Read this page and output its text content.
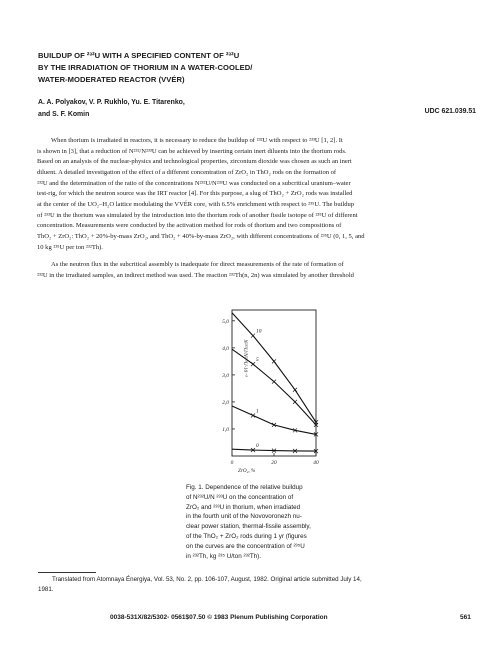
BUILDUP OF ²³²U WITH A SPECIFIED CONTENT OF ²³²U
BY THE IRRADIATION OF THORIUM IN A WATER-COOLED/
WATER-MODERATED REACTOR (VVÉR)
A. A. Polyakov, V. P. Rukhlo, Yu. E. Titarenko,
and S. F. Komin	UDC 621.039.51
When thorium is irradiated in reactors, it is necessary to reduce the buildup of ²³²U with respect to ²³³U [1, 2]. It
is shown in [3], that a reduction of N²³²/N²³³U can be achieved by inserting certain inert diluents into the thorium rods.
Based on an analysis of the nuclear-physics and technological properties, zirconium dioxide was chosen as such an inert
diluent. A detailed investigation of the effect of a different concentration of ZrO₂ in ThO₂ rods on the formation of
²³²U and the determination of the ratio of the concentrations N²³²U/N²³³U was conducted on a subcritical uranium–water
test-rig, for which the neutron source was the IRT reactor [4]. For this purpose, a slug of ThO₂ + ZrO₂ rods was installed
at the center of the UO₂–H₂O lattice modulating the VVÉR core, with 6.5% enrichment with respect to ²³⁵U. The buildup
of ²³³U in the thorium was simulated by the introduction into the thorium rods of another fissile isotope of ²³⁵U of different
concentration. Measurements were conducted by the activation method for rods of thorium and two compositions of
ThO₂ + ZrO₂: ThO₂ + 20%-by-mass ZrO₂, and ThO₂ + 40%-by-mass ZrO₂, with different concentrations of ²³⁵U (0, 1, 5, and
10 kg ²³⁵U per ton ²³²Th).
As the neutron flux in the subcritical assembly is inadequate for direct measurements of the rate of formation of
²³²U in the irradiated samples, an indirect method was used. The reaction ²³²Th(n, 2n) was simulated by another threshold
1,0
2,0
3,0
4,0
5,0
0	20	40
ZrO₂, %
N²³²U/N²³³U·10⁻³
10
5
1
0
Fig. 1. Dependence of the relative buildup
of N²³²U/N ²³³U on the concentration of
ZrO₂ and ²³³U in thorium, when irradiated
in the fourth unit of the Novovoronezh nu-
clear power station, thermal-fissile assembly,
of the ThO₂ + ZrO₂ rods during 1 yr (figures
on the curves are the concentration of ²³⁵U
in ²³²Th, kg ²³⁵ U/ton ²³²Th).
Translated from Atomnaya Énergiya, Vol. 53, No. 2, pp. 106-107, August, 1982. Original article submitted July 14,
1981.
0038-531X/82/5302- 0561$07.50 © 1983 Plenum Publishing Corporation	561
